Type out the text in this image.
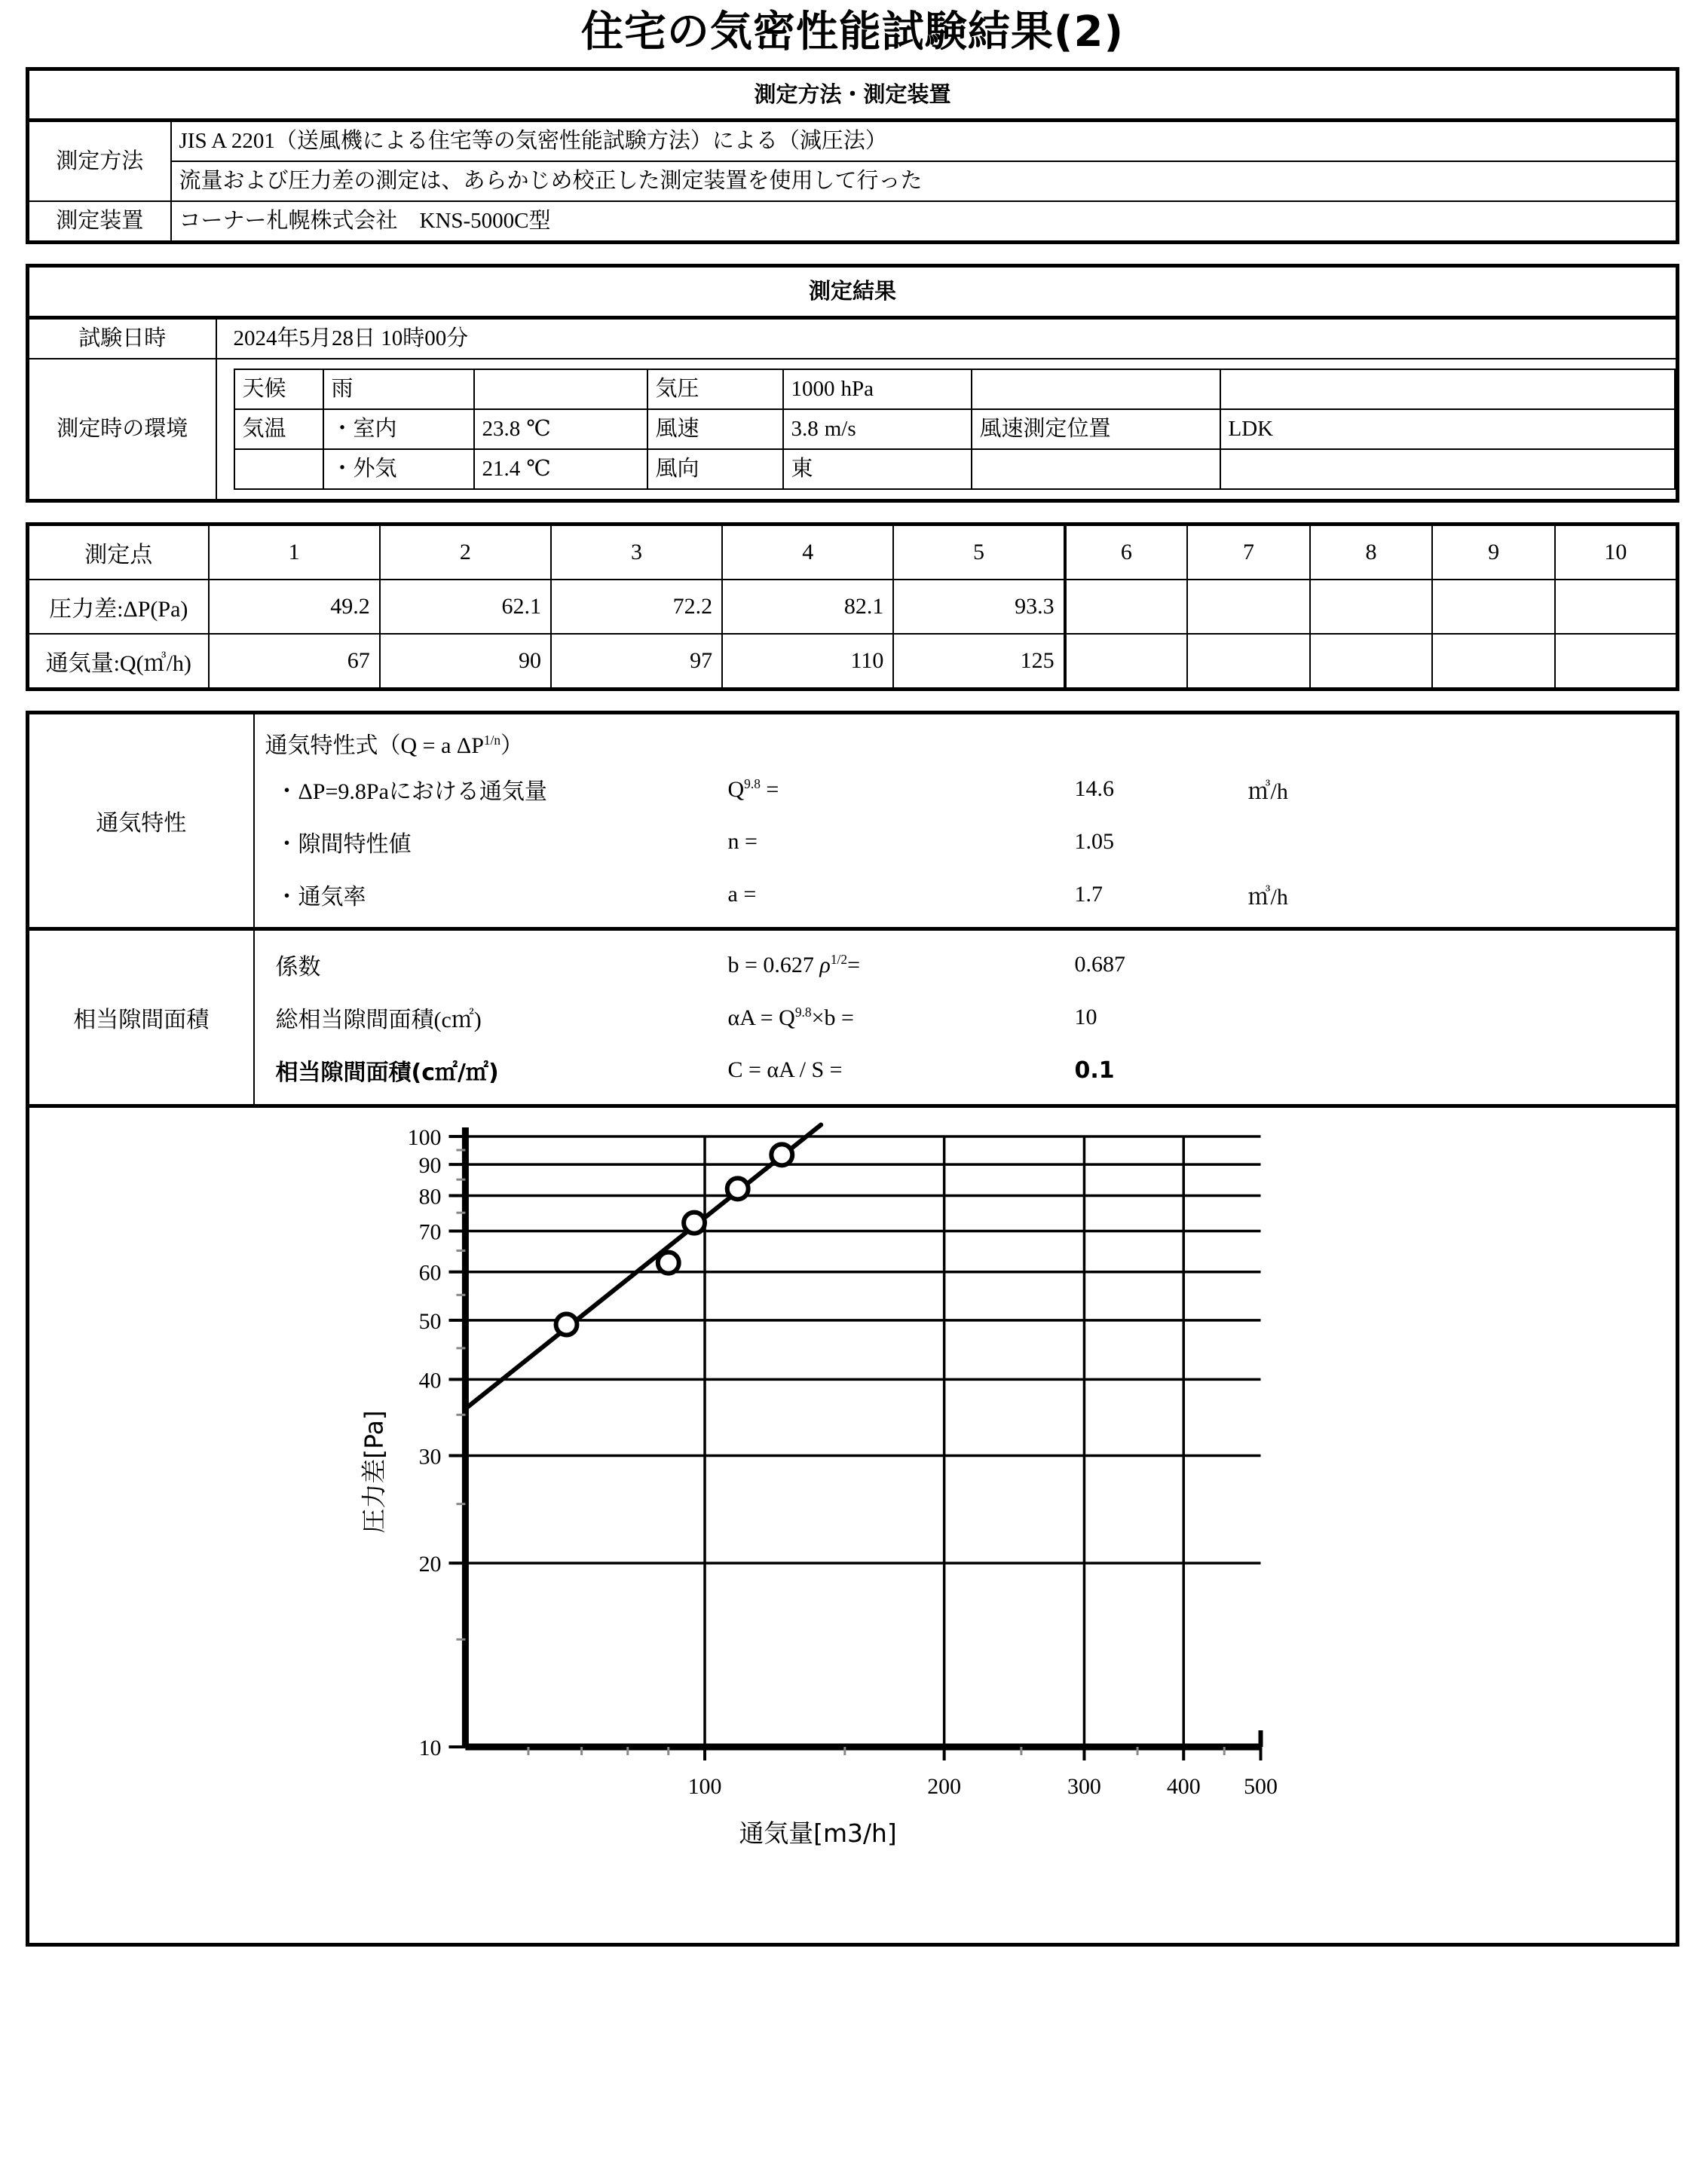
住宅の気密性能試験結果(2)
測定方法・測定装置	
測定方法	JIS A 2201（送風機による住宅等の気密性能試験方法）による（減圧法）
	流量および圧力差の測定は、あらかじめ校正した測定装置を使用して行った
測定装置	コーナー札幌株式会社　KNS-5000C型
測定結果
試験日時	2024年5月28日 10時00分
測定時の環境	
天候	雨		気圧	1000 hPa		
気温	・室内	23.8 ℃	風速	3.8 m/s	風速測定位置	LDK
	・外気	21.4 ℃	風向	東		
測定点	1	2	3	4	5	6	7	8	9	10
圧力差:ΔP(Pa)	49.2	62.1	72.2	82.1	93.3					
通気量:Q(㎥/h)	67	90	97	110	125					
通気特性	
通気特性式（Q = a $\Delta P^{1/n}$）
・ΔP=9.8Paにおける通気量	$Q^{9.8}$ =	14.6	㎥/h
・隙間特性値	n =	1.05	
・通気率	a =	1.7	㎥/h

相当隙間面積	
係数	b = 0.627 $\rho^{1/2}=$	0.687	
総相当隙間面積(c㎡)	$\alpha A = Q^{9.8}\times b$ =	10	
相当隙間面積(c㎡/㎡)	C = αA / S =	0.1	
10
20
30
40
50
60
70
80
90
100
100	200	300	400 500
通気量[m3/h]
圧力差[Pa]
